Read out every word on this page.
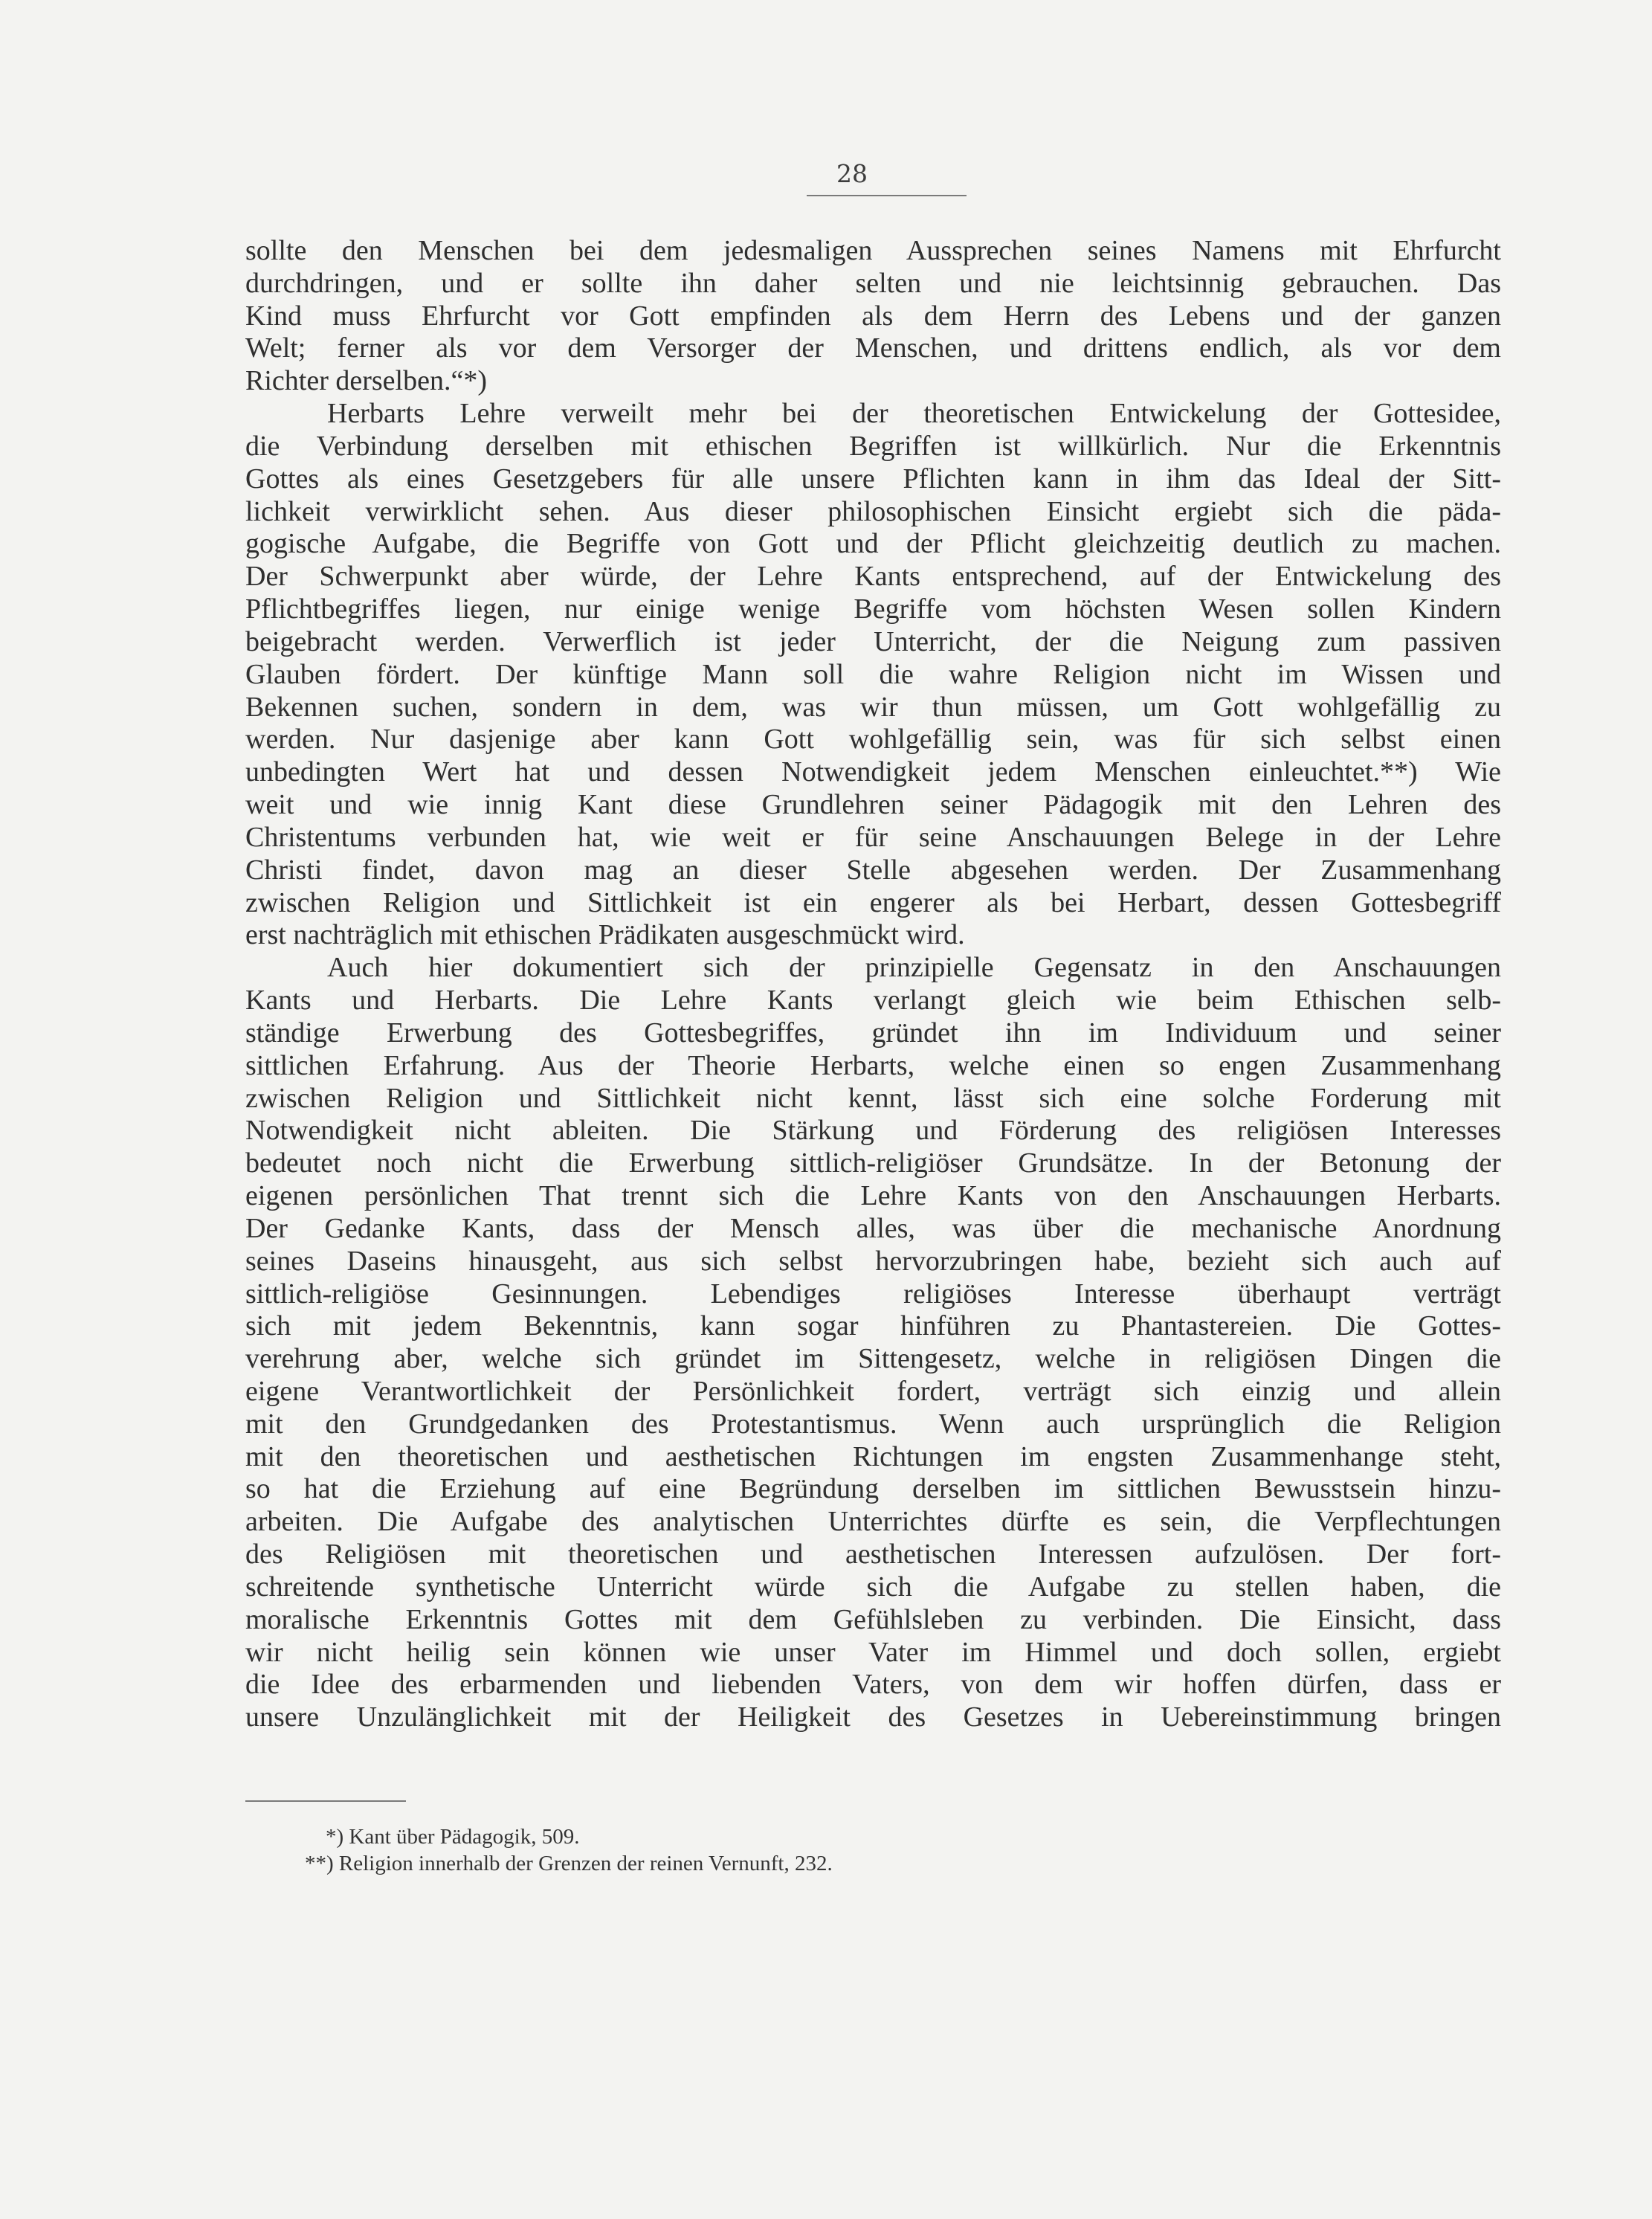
28
sollte den Menschen bei dem jedesmaligen Aussprechen seines Namens mit Ehrfurcht
durchdringen, und er sollte ihn daher selten und nie leichtsinnig gebrauchen. Das
Kind muss Ehrfurcht vor Gott empfinden als dem Herrn des Lebens und der ganzen
Welt; ferner als vor dem Versorger der Menschen, und drittens endlich, als vor dem
Richter derselben.“*)
Herbarts Lehre verweilt mehr bei der theoretischen Entwickelung der Gottesidee,
die Verbindung derselben mit ethischen Begriffen ist willkürlich. Nur die Erkenntnis
Gottes als eines Gesetzgebers für alle unsere Pflichten kann in ihm das Ideal der Sitt-
lichkeit verwirklicht sehen. Aus dieser philosophischen Einsicht ergiebt sich die päda-
gogische Aufgabe, die Begriffe von Gott und der Pflicht gleichzeitig deutlich zu machen.
Der Schwerpunkt aber würde, der Lehre Kants entsprechend, auf der Entwickelung des
Pflichtbegriffes liegen, nur einige wenige Begriffe vom höchsten Wesen sollen Kindern
beigebracht werden. Verwerflich ist jeder Unterricht, der die Neigung zum passiven
Glauben fördert. Der künftige Mann soll die wahre Religion nicht im Wissen und
Bekennen suchen, sondern in dem, was wir thun müssen, um Gott wohlgefällig zu
werden. Nur dasjenige aber kann Gott wohlgefällig sein, was für sich selbst einen
unbedingten Wert hat und dessen Notwendigkeit jedem Menschen einleuchtet.**) Wie
weit und wie innig Kant diese Grundlehren seiner Pädagogik mit den Lehren des
Christentums verbunden hat, wie weit er für seine Anschauungen Belege in der Lehre
Christi findet, davon mag an dieser Stelle abgesehen werden. Der Zusammenhang
zwischen Religion und Sittlichkeit ist ein engerer als bei Herbart, dessen Gottesbegriff
erst nachträglich mit ethischen Prädikaten ausgeschmückt wird.
Auch hier dokumentiert sich der prinzipielle Gegensatz in den Anschauungen
Kants und Herbarts. Die Lehre Kants verlangt gleich wie beim Ethischen selb-
ständige Erwerbung des Gottesbegriffes, gründet ihn im Individuum und seiner
sittlichen Erfahrung. Aus der Theorie Herbarts, welche einen so engen Zusammenhang
zwischen Religion und Sittlichkeit nicht kennt, lässt sich eine solche Forderung mit
Notwendigkeit nicht ableiten. Die Stärkung und Förderung des religiösen Interesses
bedeutet noch nicht die Erwerbung sittlich-religiöser Grundsätze. In der Betonung der
eigenen persönlichen That trennt sich die Lehre Kants von den Anschauungen Herbarts.
Der Gedanke Kants, dass der Mensch alles, was über die mechanische Anordnung
seines Daseins hinausgeht, aus sich selbst hervorzubringen habe, bezieht sich auch auf
sittlich-religiöse Gesinnungen. Lebendiges religiöses Interesse überhaupt verträgt
sich mit jedem Bekenntnis, kann sogar hinführen zu Phantastereien. Die Gottes-
verehrung aber, welche sich gründet im Sittengesetz, welche in religiösen Dingen die
eigene Verantwortlichkeit der Persönlichkeit fordert, verträgt sich einzig und allein
mit den Grundgedanken des Protestantismus. Wenn auch ursprünglich die Religion
mit den theoretischen und aesthetischen Richtungen im engsten Zusammenhange steht,
so hat die Erziehung auf eine Begründung derselben im sittlichen Bewusstsein hinzu-
arbeiten. Die Aufgabe des analytischen Unterrichtes dürfte es sein, die Verpflechtungen
des Religiösen mit theoretischen und aesthetischen Interessen aufzulösen. Der fort-
schreitende synthetische Unterricht würde sich die Aufgabe zu stellen haben, die
moralische Erkenntnis Gottes mit dem Gefühlsleben zu verbinden. Die Einsicht, dass
wir nicht heilig sein können wie unser Vater im Himmel und doch sollen, ergiebt
die Idee des erbarmenden und liebenden Vaters, von dem wir hoffen dürfen, dass er
unsere Unzulänglichkeit mit der Heiligkeit des Gesetzes in Uebereinstimmung bringen
*) Kant über Pädagogik, 509.
**) Religion innerhalb der Grenzen der reinen Vernunft, 232.
